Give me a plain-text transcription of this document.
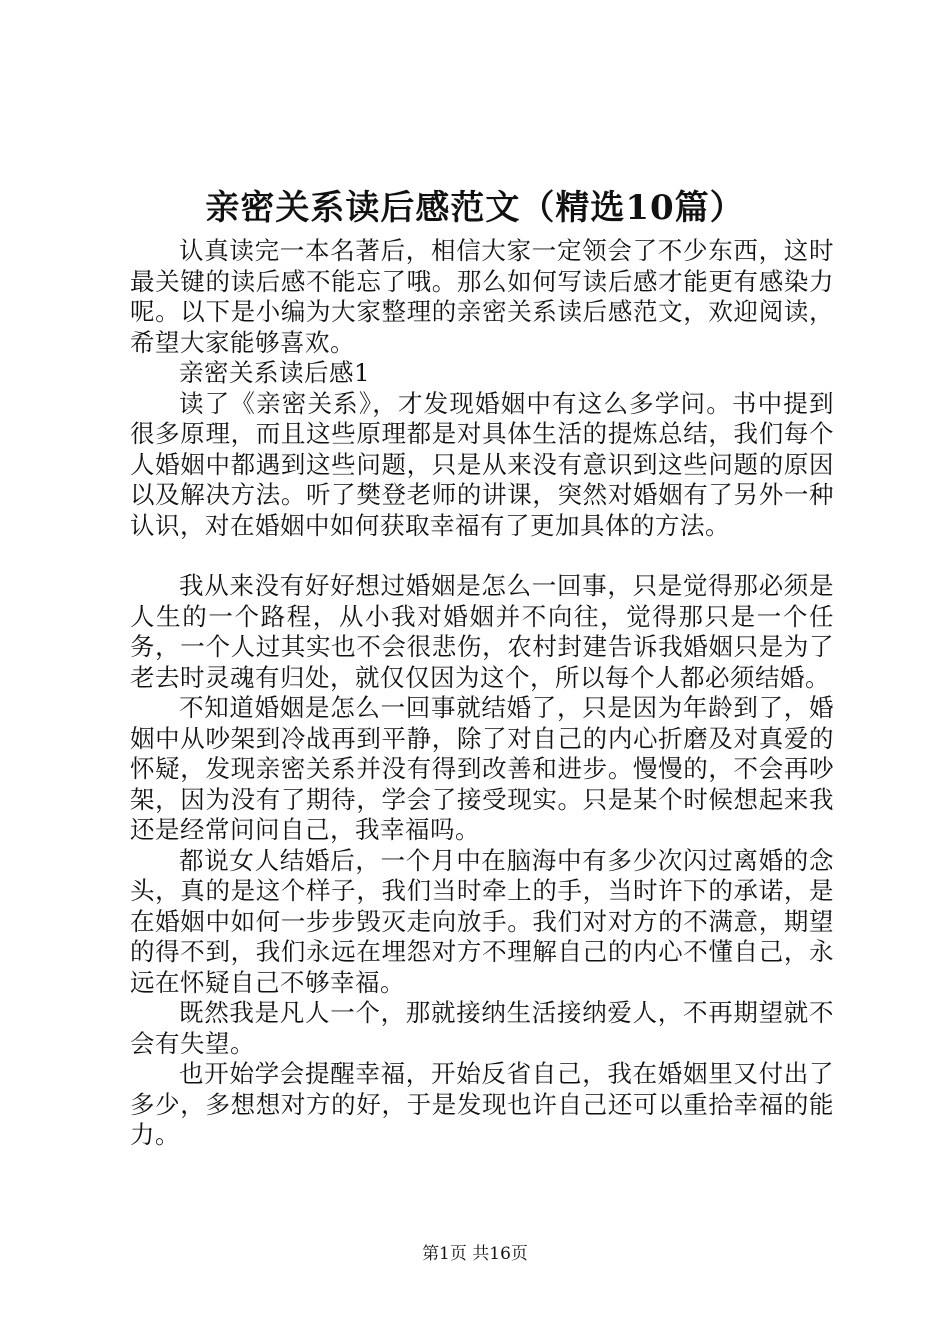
亲密关系读后感范文（精选10篇）

认真读完一本名著后，相信大家一定领会了不少东西，这时最关键的读后感不能忘了哦。那么如何写读后感才能更有感染力呢。以下是小编为大家整理的亲密关系读后感范文，欢迎阅读，希望大家能够喜欢。

亲密关系读后感1

读了《亲密关系》，才发现婚姻中有这么多学问。书中提到很多原理，而且这些原理都是对具体生活的提炼总结，我们每个人婚姻中都遇到这些问题，只是从来没有意识到这些问题的原因以及解决方法。听了樊登老师的讲课，突然对婚姻有了另外一种认识，对在婚姻中如何获取幸福有了更加具体的方法。

我从来没有好好想过婚姻是怎么一回事，只是觉得那必须是人生的一个路程，从小我对婚姻并不向往，觉得那只是一个任务，一个人过其实也不会很悲伤，农村封建告诉我婚姻只是为了老去时灵魂有归处，就仅仅因为这个，所以每个人都必须结婚。

不知道婚姻是怎么一回事就结婚了，只是因为年龄到了，婚姻中从吵架到冷战再到平静，除了对自己的内心折磨及对真爱的怀疑，发现亲密关系并没有得到改善和进步。慢慢的，不会再吵架，因为没有了期待，学会了接受现实。只是某个时候想起来我还是经常问问自己，我幸福吗。

都说女人结婚后，一个月中在脑海中有多少次闪过离婚的念头，真的是这个样子，我们当时牵上的手，当时许下的承诺，是在婚姻中如何一步步毁灭走向放手。我们对对方的不满意，期望的得不到，我们永远在埋怨对方不理解自己的内心不懂自己，永远在怀疑自己不够幸福。

既然我是凡人一个，那就接纳生活接纳爱人，不再期望就不会有失望。

也开始学会提醒幸福，开始反省自己，我在婚姻里又付出了多少，多想想对方的好，于是发现也许自己还可以重拾幸福的能力。

第1页 共16页
